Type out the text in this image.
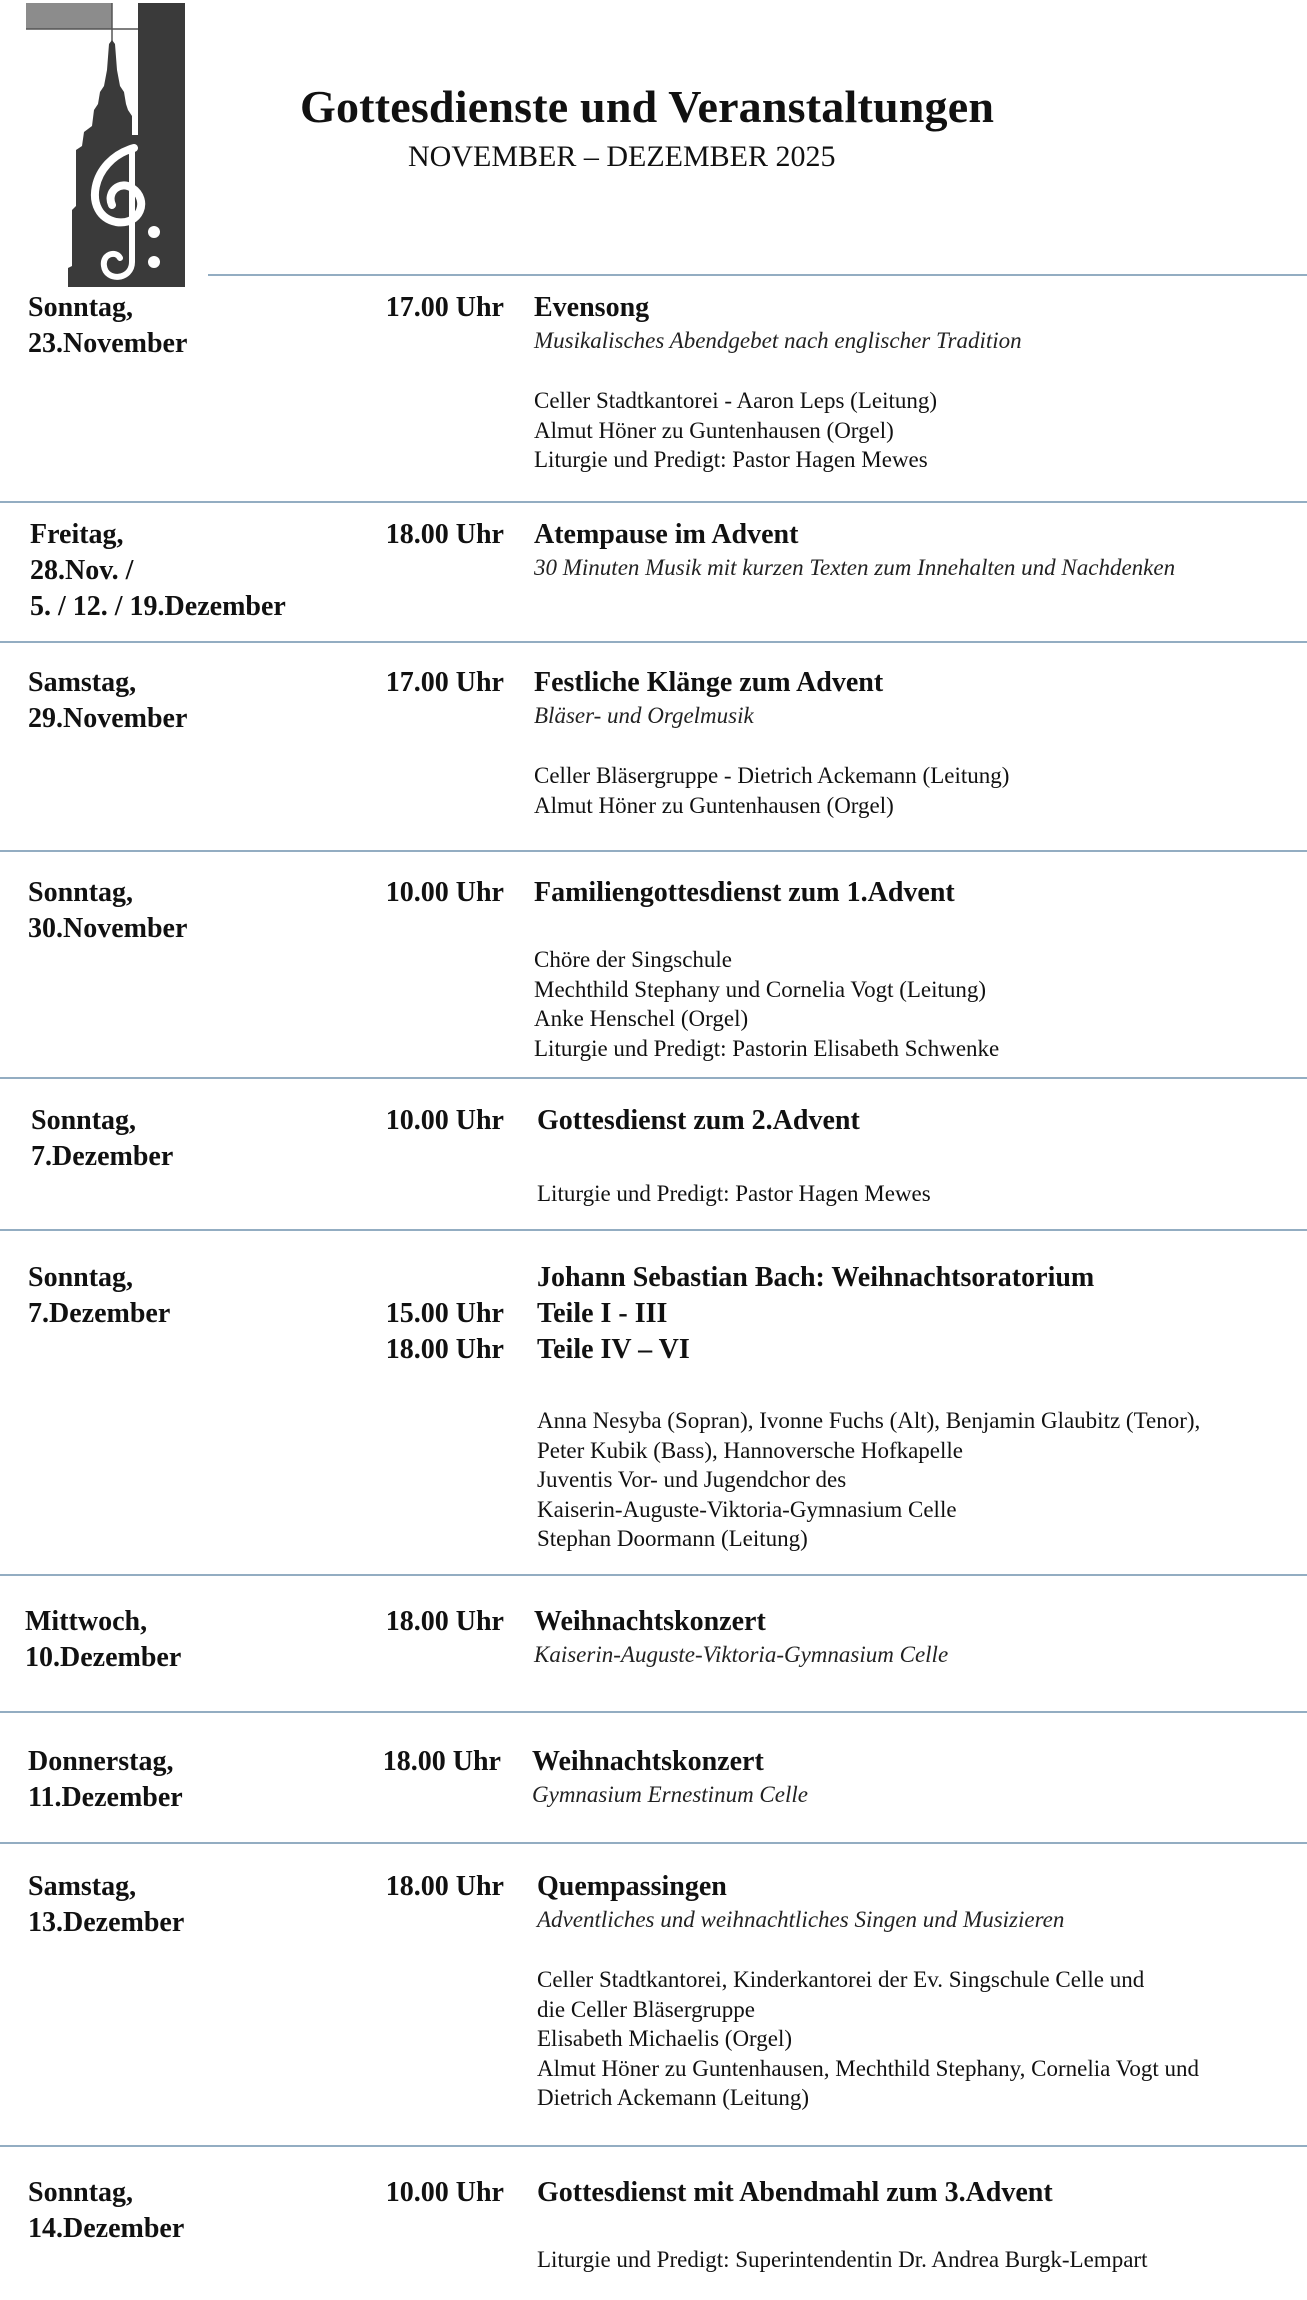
Gottesdienste und Veranstaltungen
NOVEMBER – DEZEMBER 2025
Sonntag,
23.November
17.00 Uhr Evensong
Musikalisches Abendgebet nach englischer Tradition
Celler Stadtkantorei - Aaron Leps (Leitung)
Almut Höner zu Guntenhausen (Orgel)
Liturgie und Predigt: Pastor Hagen Mewes
Freitag,
28.Nov. /
5. / 12. / 19.Dezember
18.00 Uhr Atempause im Advent
30 Minuten Musik mit kurzen Texten zum Innehalten und Nachdenken
Samstag,
29.November
17.00 Uhr Festliche Klänge zum Advent
Bläser- und Orgelmusik
Celler Bläsergruppe - Dietrich Ackemann (Leitung)
Almut Höner zu Guntenhausen (Orgel)
Sonntag,
30.November
10.00 Uhr Familiengottesdienst zum 1.Advent
Chöre der Singschule
Mechthild Stephany und Cornelia Vogt (Leitung)
Anke Henschel (Orgel)
Liturgie und Predigt: Pastorin Elisabeth Schwenke
Sonntag,
7.Dezember
10.00 Uhr Gottesdienst zum 2.Advent
Liturgie und Predigt: Pastor Hagen Mewes
Sonntag,
7.Dezember	15.00 Uhr
18.00 Uhr
Johann Sebastian Bach: Weihnachtsoratorium
Teile I - III
Teile IV – VI
Anna Nesyba (Sopran), Ivonne Fuchs (Alt), Benjamin Glaubitz (Tenor),
Peter Kubik (Bass), Hannoversche Hofkapelle
Juventis Vor- und Jugendchor des
Kaiserin-Auguste-Viktoria-Gymnasium Celle
Stephan Doormann (Leitung)
Mittwoch,
10.Dezember
18.00 Uhr Weihnachtskonzert
Kaiserin-Auguste-Viktoria-Gymnasium Celle
Donnerstag,
11.Dezember
18.00 Uhr Weihnachtskonzert
Gymnasium Ernestinum Celle
Samstag,
13.Dezember
18.00 Uhr Quempassingen
Adventliches und weihnachtliches Singen und Musizieren
Celler Stadtkantorei, Kinderkantorei der Ev. Singschule Celle und
die Celler Bläsergruppe
Elisabeth Michaelis (Orgel)
Almut Höner zu Guntenhausen, Mechthild Stephany, Cornelia Vogt und
Dietrich Ackemann (Leitung)
Sonntag,
14.Dezember
10.00 Uhr Gottesdienst mit Abendmahl zum 3.Advent
Liturgie und Predigt: Superintendentin Dr. Andrea Burgk-Lempart
